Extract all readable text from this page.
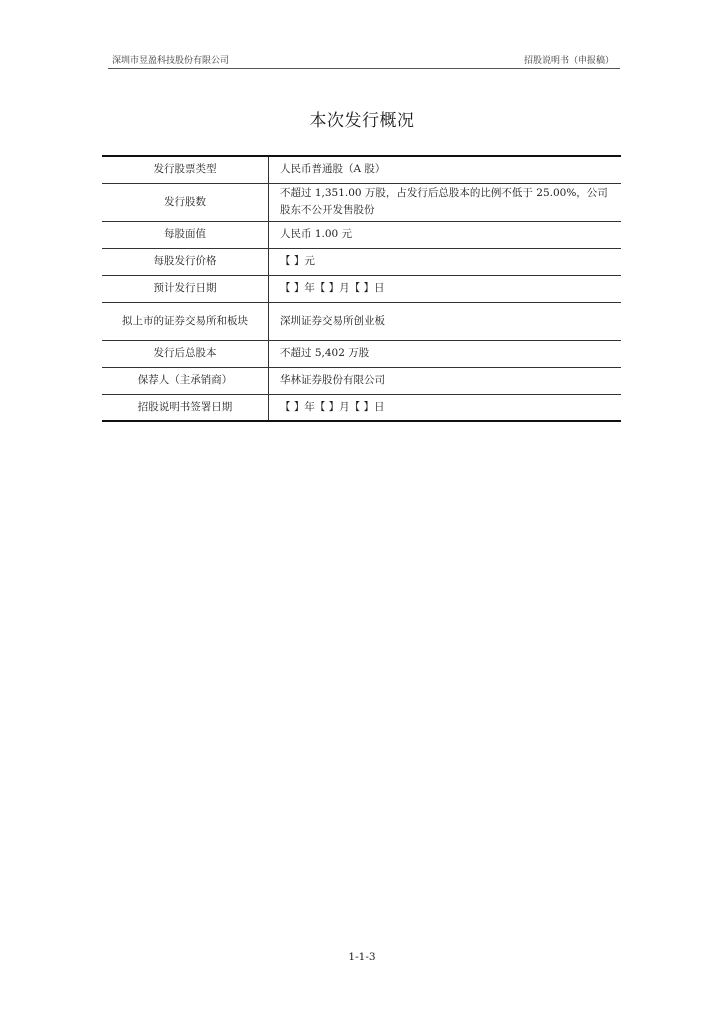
深圳市昱盈科技股份有限公司	招股说明书（申报稿）
本次发行概况
发行股票类型	人民币普通股（A 股）
发行股数	不超过 1,351.00 万股，占发行后总股本的比例不低于 25.00%，公司股东不公开发售股份
每股面值	人民币 1.00 元
每股发行价格	【 】元
预计发行日期	【 】年【 】月【 】日
拟上市的证券交易所和板块	深圳证券交易所创业板
发行后总股本	不超过 5,402 万股
保荐人（主承销商）	华林证券股份有限公司
招股说明书签署日期	【 】年【 】月【 】日
1-1-3
